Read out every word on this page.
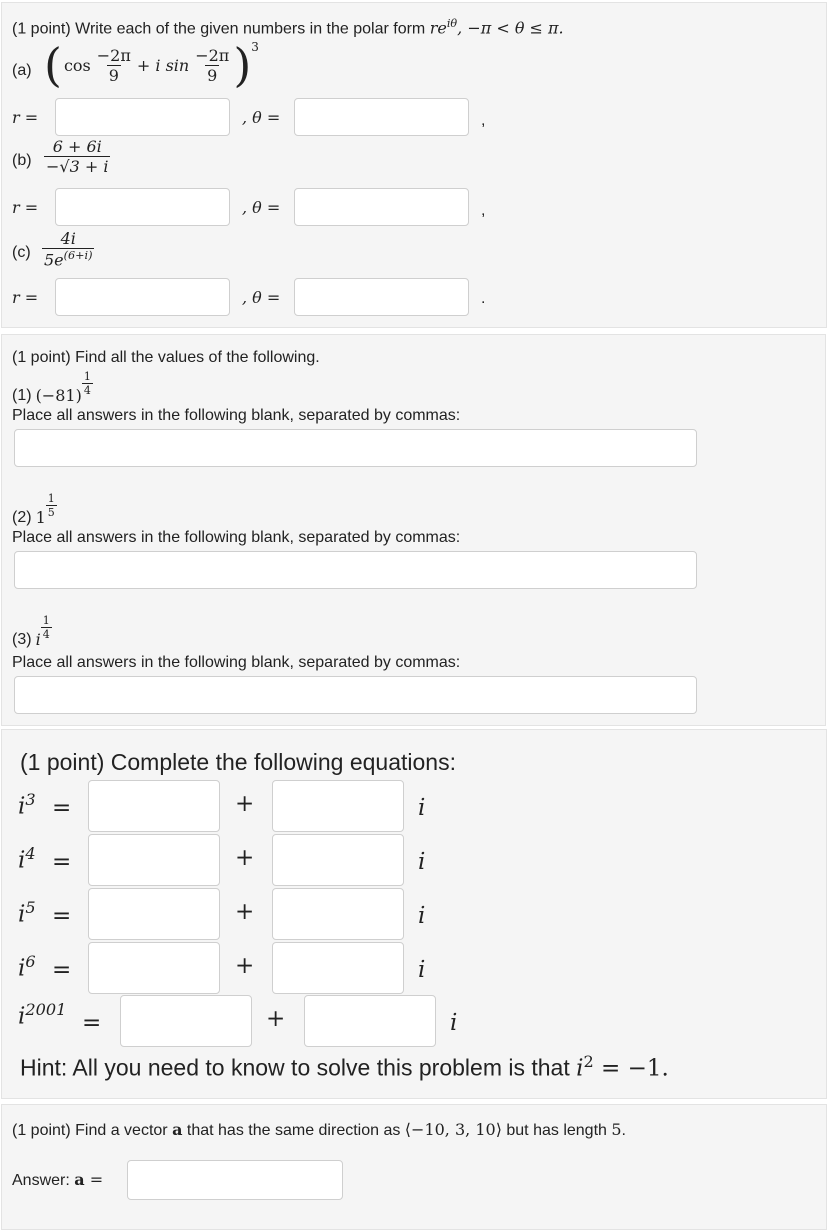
(1 point) Write each of the given numbers in the polar form $re^{i\theta}$, −π < θ ≤ π.
(a) ( $\cos \frac{-2\pi}{9} + i$ $\sin \frac{-2\pi}{9}$ ) 3
r =	, θ =	,
$(b) \frac{6 + 6i}{-√3 + i}$
r =	, θ =	,
$(c) \frac{4i}{5e^{(6+i)}}$
r =	, θ =	.
(1 point) Find all the values of the following.
(1) $(-81) \frac{1}{4}$
Place all answers in the following blank, separated by commas:
(2) $1 \frac{1}{5}$
Place all answers in the following blank, separated by commas:
(3) i $\frac{1}{4}$
Place all answers in the following blank, separated by commas:
(1 point) Complete the following equations:
$i^3$ =	+	i
$i^4$ =	+	i
$i^5$ =	+	i
$i^6$ =	+	i
$i^{2001}$
=	+	i
Hint: All you need to know to solve this problem is that $i^2 = -1$.
(1 point) Find a vector a that has the same direction as ⟨−10, 3, 10⟩ but has length 5.
Answer: a =
